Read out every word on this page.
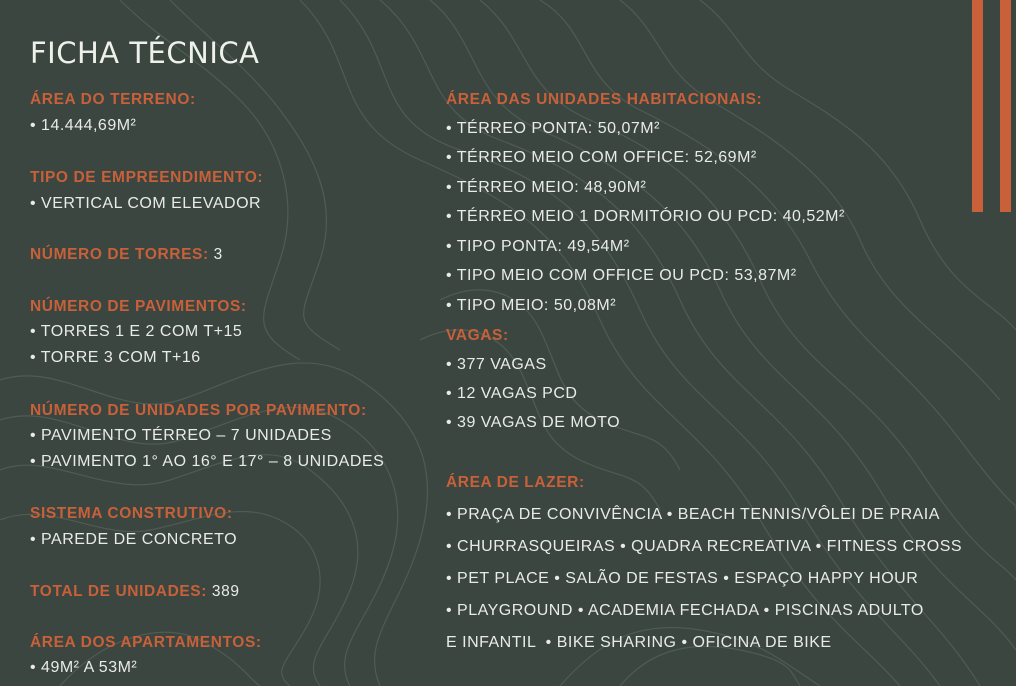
FICHA TÉCNICA
ÁREA DO TERRENO:
• 14.444,69M²
TIPO DE EMPREENDIMENTO:
• VERTICAL COM ELEVADOR
NÚMERO DE TORRES: 3
NÚMERO DE PAVIMENTOS:
• TORRES 1 E 2 COM T+15
• TORRE 3 COM T+16
NÚMERO DE UNIDADES POR PAVIMENTO:
• PAVIMENTO TÉRREO – 7 UNIDADES
• PAVIMENTO 1° AO 16° E 17° – 8 UNIDADES
SISTEMA CONSTRUTIVO:
• PAREDE DE CONCRETO
TOTAL DE UNIDADES: 389
ÁREA DOS APARTAMENTOS:
• 49M² A 53M²
ÁREA DAS UNIDADES HABITACIONAIS:
• TÉRREO PONTA: 50,07M²
• TÉRREO MEIO COM OFFICE: 52,69M²
• TÉRREO MEIO: 48,90M²
• TÉRREO MEIO 1 DORMITÓRIO OU PCD: 40,52M²
• TIPO PONTA: 49,54M²
• TIPO MEIO COM OFFICE OU PCD: 53,87M²
• TIPO MEIO: 50,08M²
VAGAS:
• 377 VAGAS
• 12 VAGAS PCD
• 39 VAGAS DE MOTO
ÁREA DE LAZER:
• PRAÇA DE CONVIVÊNCIA • BEACH TENNIS/VÔLEI DE PRAIA
• CHURRASQUEIRAS • QUADRA RECREATIVA • FITNESS CROSS
• PET PLACE • SALÃO DE FESTAS • ESPAÇO HAPPY HOUR
• PLAYGROUND • ACADEMIA FECHADA • PISCINAS ADULTO
E INFANTIL  • BIKE SHARING • OFICINA DE BIKE
